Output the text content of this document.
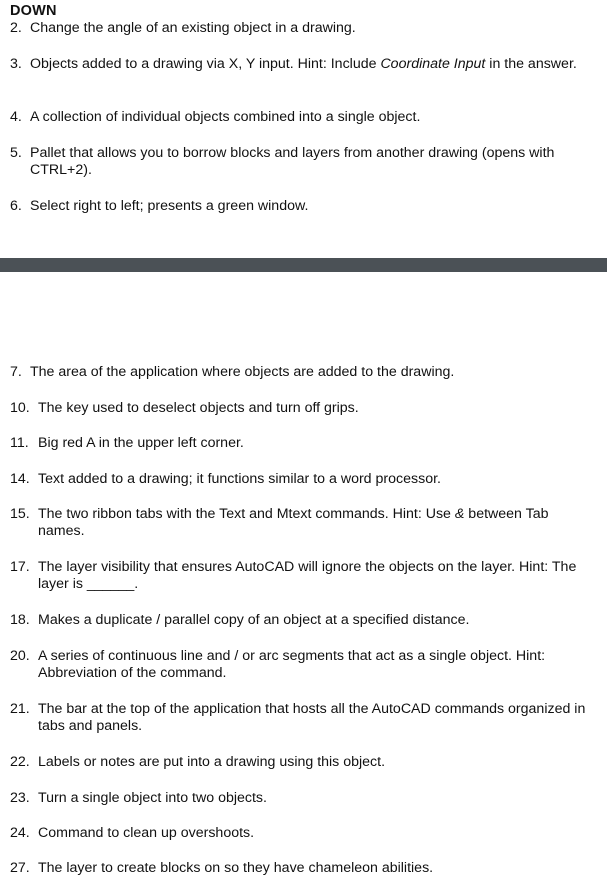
DOWN
2. Change the angle of an existing object in a drawing.
3. Objects added to a drawing via X, Y input. Hint: Include Coordinate Input in the answer.
4. A collection of individual objects combined into a single object.
5. Pallet that allows you to borrow blocks and layers from another drawing (opens with CTRL+2).
6. Select right to left; presents a green window.
7. The area of the application where objects are added to the drawing.
10. The key used to deselect objects and turn off grips.
11. Big red A in the upper left corner.
14. Text added to a drawing; it functions similar to a word processor.
15. The two ribbon tabs with the Text and Mtext commands. Hint: Use & between Tab names.
17. The layer visibility that ensures AutoCAD will ignore the objects on the layer. Hint: The layer is ______.
18. Makes a duplicate / parallel copy of an object at a specified distance.
20. A series of continuous line and / or arc segments that act as a single object. Hint: Abbreviation of the command.
21. The bar at the top of the application that hosts all the AutoCAD commands organized in tabs and panels.
22. Labels or notes are put into a drawing using this object.
23. Turn a single object into two objects.
24. Command to clean up overshoots.
27. The layer to create blocks on so they have chameleon abilities.
